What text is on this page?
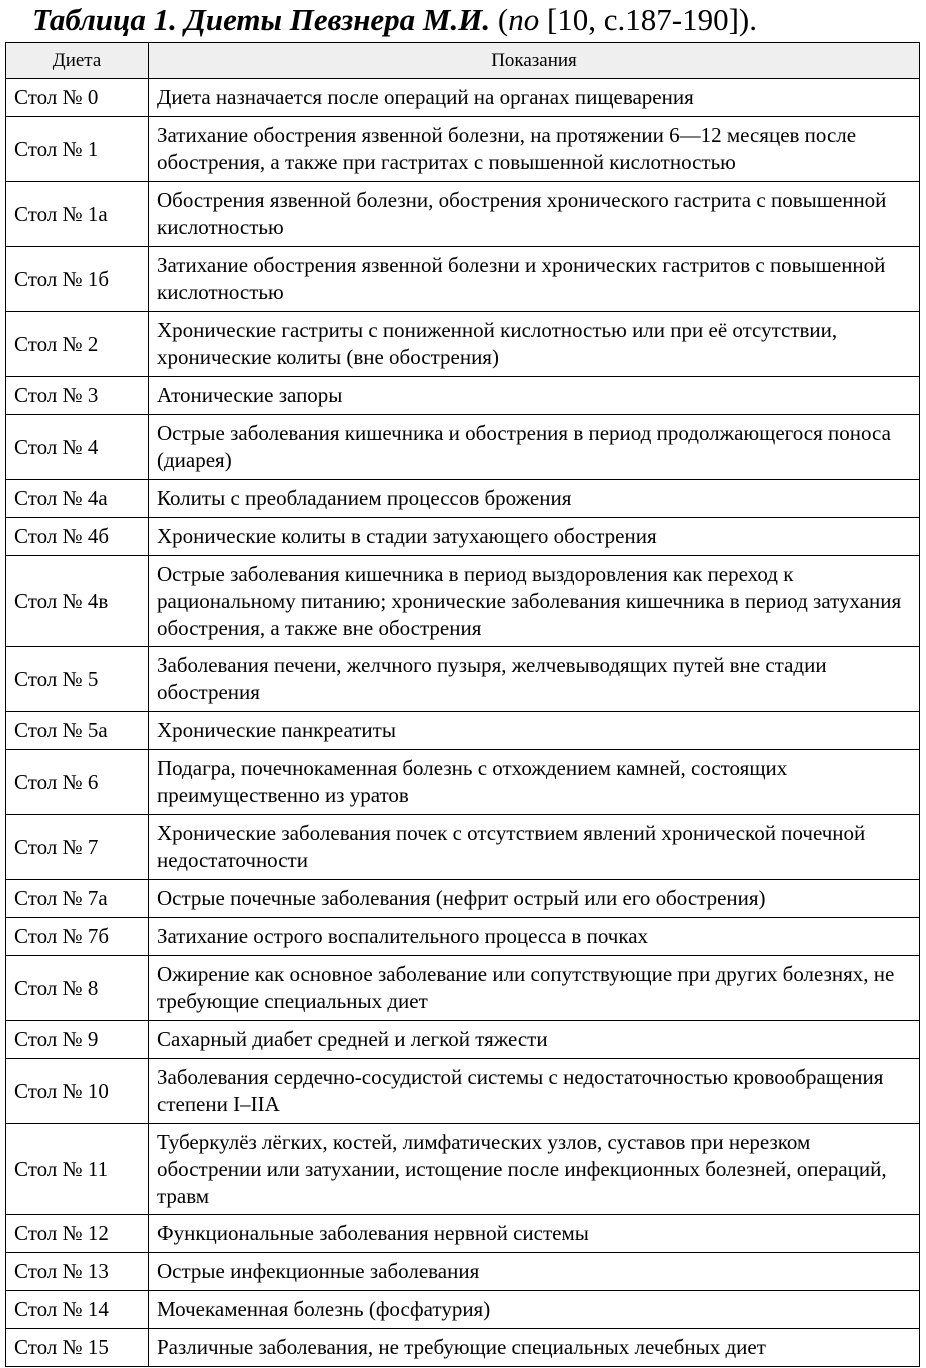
Таблица 1. Диеты Певзнера М.И. (по [10, с.187-190]).
Диета	Показания
Стол № 0	Диета назначается после операций на органах пищеварения
Стол № 1	Затихание обострения язвенной болезни, на протяжении 6—12 месяцев после обострения, а также при гастритах с повышенной кислотностью
Стол № 1а	Обострения язвенной болезни, обострения хронического гастрита с повышенной кислотностью
Стол № 1б	Затихание обострения язвенной болезни и хронических гастритов с повышенной кислотностью
Стол № 2	Хронические гастриты с пониженной кислотностью или при её отсутствии, хронические колиты (вне обострения)
Стол № 3	Атонические запоры
Стол № 4	Острые заболевания кишечника и обострения в период продолжающегося поноса (диарея)
Стол № 4а	Колиты с преобладанием процессов брожения
Стол № 4б	Хронические колиты в стадии затухающего обострения
Стол № 4в	Острые заболевания кишечника в период выздоровления как переход к рациональному питанию; хронические заболевания кишечника в период затухания обострения, а также вне обострения
Стол № 5	Заболевания печени, желчного пузыря, желчевыводящих путей вне стадии обострения
Стол № 5а	Хронические панкреатиты
Стол № 6	Подагра, почечнокаменная болезнь с отхождением камней, состоящих преимущественно из уратов
Стол № 7	Хронические заболевания почек с отсутствием явлений хронической почечной недостаточности
Стол № 7а	Острые почечные заболевания (нефрит острый или его обострения)
Стол № 7б	Затихание острого воспалительного процесса в почках
Стол № 8	Ожирение как основное заболевание или сопутствующие при других болезнях, не требующие специальных диет
Стол № 9	Сахарный диабет средней и легкой тяжести
Стол № 10	Заболевания сердечно-сосудистой системы с недостаточностью кровообращения степени I–IIА
Стол № 11	Туберкулёз лёгких, костей, лимфатических узлов, суставов при нерезком обострении или затухании, истощение после инфекционных болезней, операций, травм
Стол № 12	Функциональные заболевания нервной системы
Стол № 13	Острые инфекционные заболевания
Стол № 14	Мочекаменная болезнь (фосфатурия)
Стол № 15	Различные заболевания, не требующие специальных лечебных диет
